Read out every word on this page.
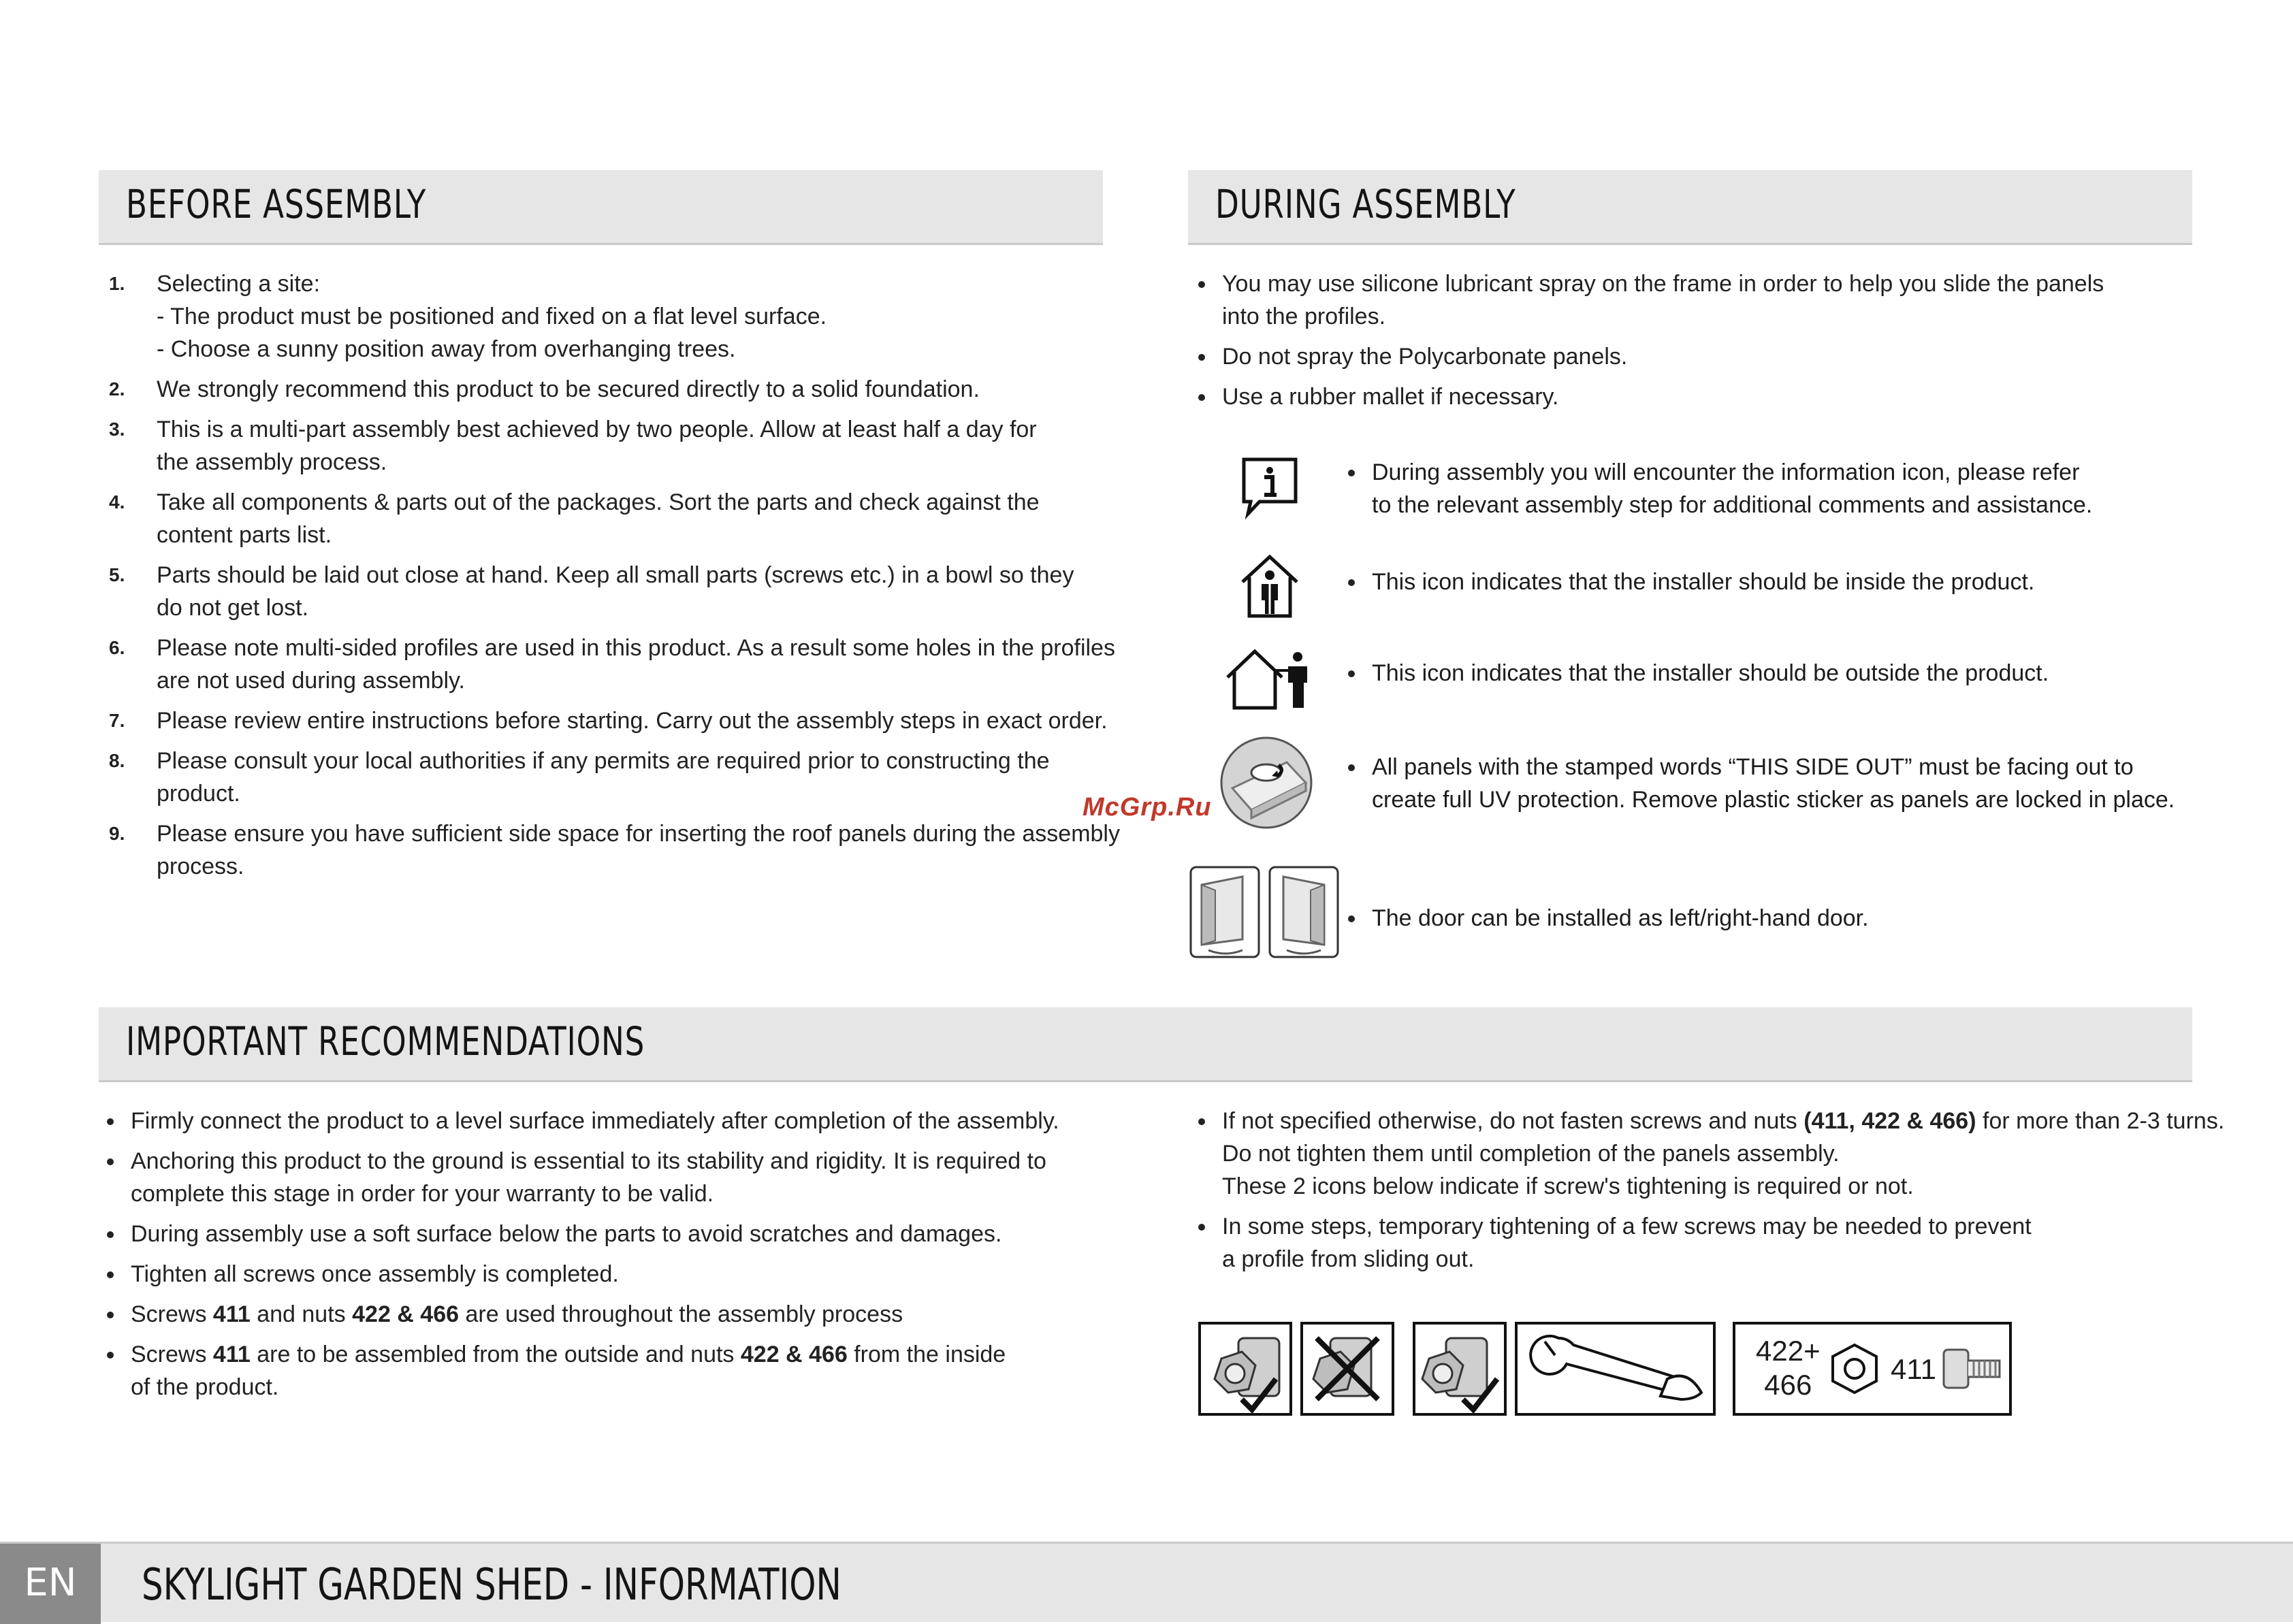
BEFORE ASSEMBLY
1. Selecting a site:
- The product must be positioned and fixed on a flat level surface.
- Choose a sunny position away from overhanging trees.
2. We strongly recommend this product to be secured directly to a solid foundation.
3. This is a multi-part assembly best achieved by two people. Allow at least half a day for
the assembly process.
4. Take all components & parts out of the packages. Sort the parts and check against the
content parts list.
5. Parts should be laid out close at hand. Keep all small parts (screws etc.) in a bowl so they
do not get lost.
6. Please note multi-sided profiles are used in this product. As a result some holes in the profiles
are not used during assembly.
7. Please review entire instructions before starting. Carry out the assembly steps in exact order.
8. Please consult your local authorities if any permits are required prior to constructing the
product.
9. Please ensure you have sufficient side space for inserting the roof panels during the assembly
process.
DURING ASSEMBLY
You may use silicone lubricant spray on the frame in order to help you slide the panels
into the profiles.
Do not spray the Polycarbonate panels.
Use a rubber mallet if necessary.
During assembly you will encounter the information icon, please refer
to the relevant assembly step for additional comments and assistance.
This icon indicates that the installer should be inside the product.
This icon indicates that the installer should be outside the product.
All panels with the stamped words “THIS SIDE OUT” must be facing out to
create full UV protection. Remove plastic sticker as panels are locked in place.
The door can be installed as left/right-hand door.
McGrp.Ru
IMPORTANT RECOMMENDATIONS
Firmly connect the product to a level surface immediately after completion of the assembly.
Anchoring this product to the ground is essential to its stability and rigidity. It is required to
complete this stage in order for your warranty to be valid.
During assembly use a soft surface below the parts to avoid scratches and damages.
Tighten all screws once assembly is completed.
Screws 411 and nuts 422 & 466 are used throughout the assembly process
Screws 411 are to be assembled from the outside and nuts 422 & 466 from the inside
of the product.
If not specified otherwise, do not fasten screws and nuts (411, 422 & 466) for more than 2-3 turns.
Do not tighten them until completion of the panels assembly.
These 2 icons below indicate if screw's tightening is required or not.
In some steps, temporary tightening of a few screws may be needed to prevent
a profile from sliding out.
422+
466	411
EN	SKYLIGHT GARDEN SHED - INFORMATION
